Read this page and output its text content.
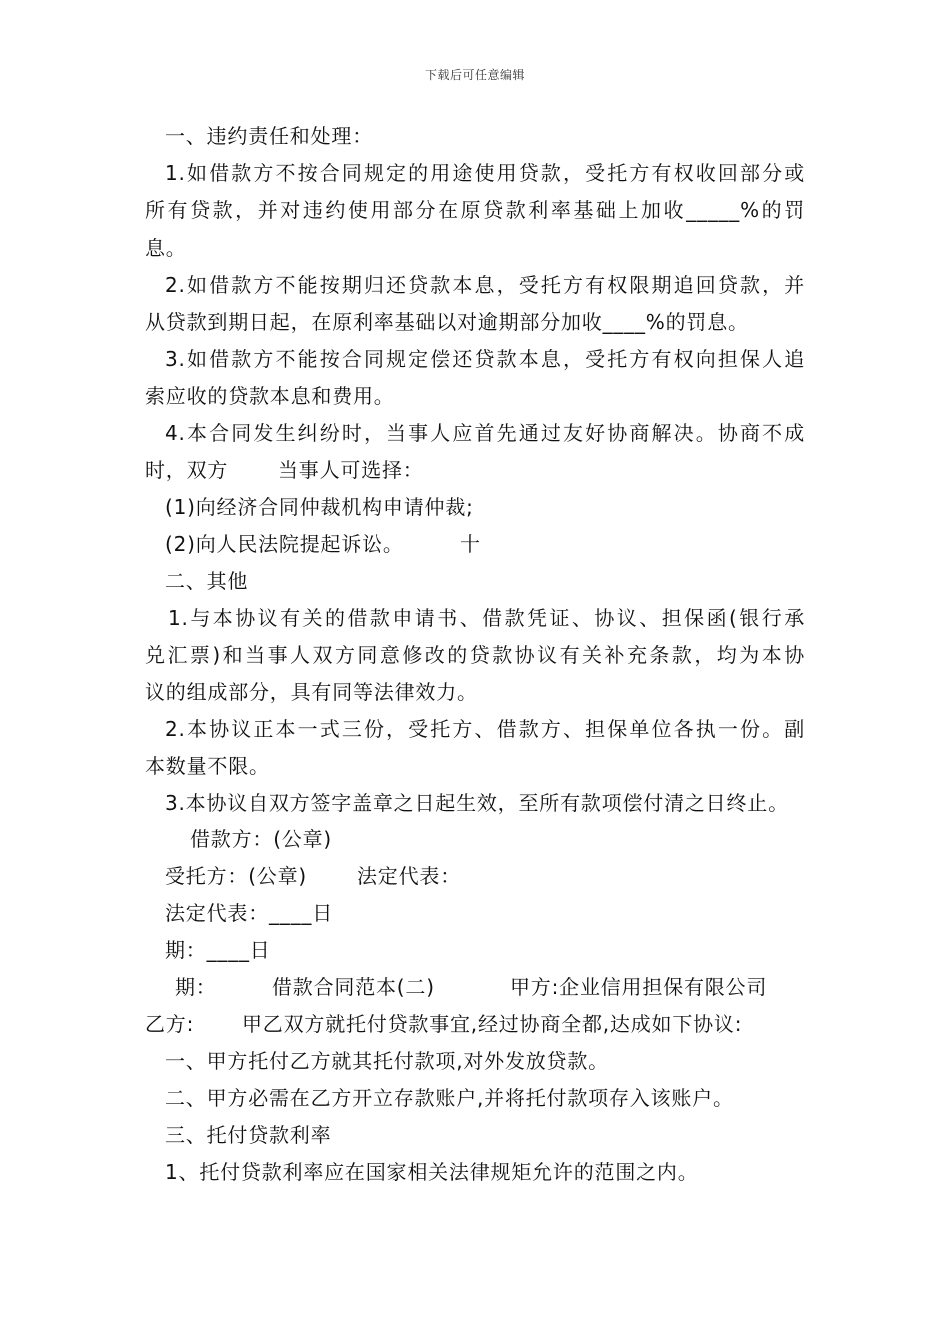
下载后可任意编辑
一、违约责任和处理：
1.如借款方不按合同规定的用途使用贷款，受托方有权收回部分或
所有贷款，并对违约使用部分在原贷款利率基础上加收_____%的罚
息。
2.如借款方不能按期归还贷款本息，受托方有权限期追回贷款，并
从贷款到期日起，在原利率基础以对逾期部分加收____%的罚息。
3.如借款方不能按合同规定偿还贷款本息，受托方有权向担保人追
索应收的贷款本息和费用。
4.本合同发生纠纷时，当事人应首先通过友好协商解决。协商不成
时，双方 当事人可选择：
(1)向经济合同仲裁机构申请仲裁;
(2)向人民法院提起诉讼。	十
二、其他
1.与本协议有关的借款申请书、借款凭证、协议、担保函(银行承
兑汇票)和当事人双方同意修改的贷款协议有关补充条款，均为本协
议的组成部分，具有同等法律效力。
2.本协议正本一式三份，受托方、借款方、担保单位各执一份。副
本数量不限。
3.本协议自双方签字盖章之日起生效，至所有款项偿付清之日终止。
借款方：(公章)
受托方：(公章) 法定代表：
法定代表：____日
期：____日
期：	借款合同范本(二)	甲方:企业信用担保有限公司
乙方: 甲乙双方就托付贷款事宜,经过协商全都,达成如下协议:
一、甲方托付乙方就其托付款项,对外发放贷款。
二、甲方必需在乙方开立存款账户,并将托付款项存入该账户。
三、托付贷款利率
1、托付贷款利率应在国家相关法律规矩允许的范围之内。
